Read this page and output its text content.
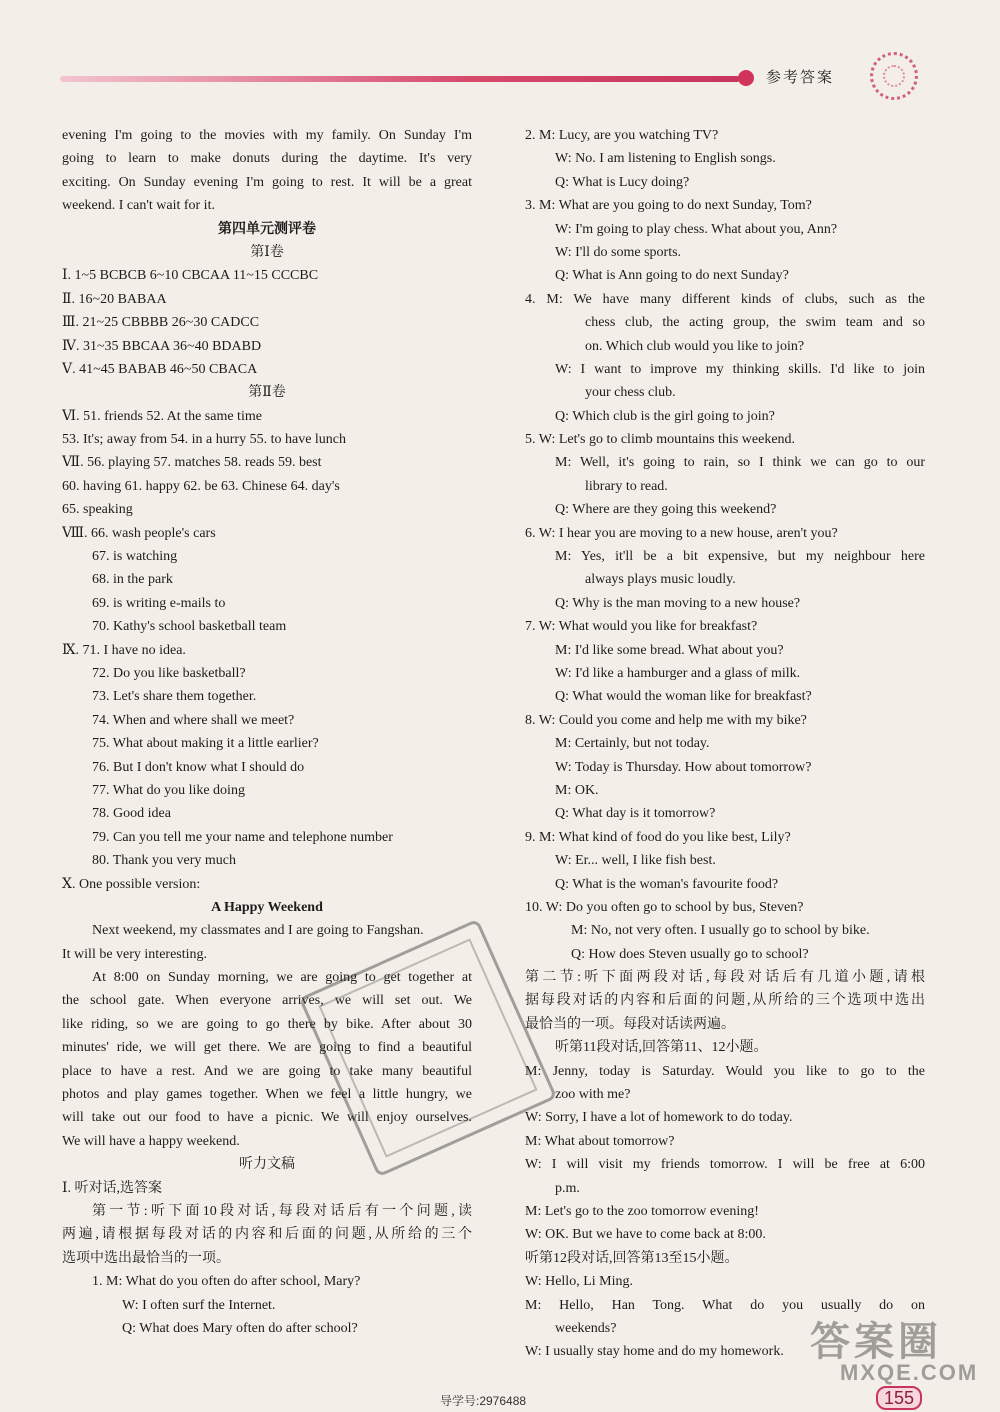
参考答案
evening I'm going to the movies with my family. On Sunday I'm
going to learn to make donuts during the daytime. It's very
exciting. On Sunday evening I'm going to rest. It will be a great
weekend. I can't wait for it.
第四单元测评卷
第Ⅰ卷
Ⅰ. 1~5 BCBCB 6~10 CBCAA 11~15 CCCBC
Ⅱ. 16~20 BABAA
Ⅲ. 21~25 CBBBB 26~30 CADCC
Ⅳ. 31~35 BBCAA 36~40 BDABD
Ⅴ. 41~45 BABAB 46~50 CBACA
第Ⅱ卷
Ⅵ. 51. friends 52. At the same time
53. It's; away from 54. in a hurry 55. to have lunch
Ⅶ. 56. playing 57. matches 58. reads 59. best
60. having 61. happy 62. be 63. Chinese 64. day's
65. speaking
Ⅷ. 66. wash people's cars
67. is watching
68. in the park
69. is writing e-mails to
70. Kathy's school basketball team
Ⅸ. 71. I have no idea.
72. Do you like basketball?
73. Let's share them together.
74. When and where shall we meet?
75. What about making it a little earlier?
76. But I don't know what I should do
77. What do you like doing
78. Good idea
79. Can you tell me your name and telephone number
80. Thank you very much
Ⅹ. One possible version:
A Happy Weekend
Next weekend, my classmates and I are going to Fangshan.
It will be very interesting.
At 8:00 on Sunday morning, we are going to get together at
the school gate. When everyone arrives, we will set out. We
like riding, so we are going to go there by bike. After about 30
minutes' ride, we will get there. We are going to find a beautiful
place to have a rest. And we are going to take many beautiful
photos and play games together. When we feel a little hungry, we
will take out our food to have a picnic. We will enjoy ourselves.
We will have a happy weekend.
听力文稿
Ⅰ. 听对话,选答案
第一节:听下面10段对话,每段对话后有一个问题,读
两遍,请根据每段对话的内容和后面的问题,从所给的三个
选项中选出最恰当的一项。
1. M: What do you often do after school, Mary?
W: I often surf the Internet.
Q: What does Mary often do after school?
2. M: Lucy, are you watching TV?
W: No. I am listening to English songs.
Q: What is Lucy doing?
3. M: What are you going to do next Sunday, Tom?
W: I'm going to play chess. What about you, Ann?
W: I'll do some sports.
Q: What is Ann going to do next Sunday?
4. M: We have many different kinds of clubs, such as the
chess club, the acting group, the swim team and so
on. Which club would you like to join?
W: I want to improve my thinking skills. I'd like to join
your chess club.
Q: Which club is the girl going to join?
5. W: Let's go to climb mountains this weekend.
M: Well, it's going to rain, so I think we can go to our
library to read.
Q: Where are they going this weekend?
6. W: I hear you are moving to a new house, aren't you?
M: Yes, it'll be a bit expensive, but my neighbour here
always plays music loudly.
Q: Why is the man moving to a new house?
7. W: What would you like for breakfast?
M: I'd like some bread. What about you?
W: I'd like a hamburger and a glass of milk.
Q: What would the woman like for breakfast?
8. W: Could you come and help me with my bike?
M: Certainly, but not today.
W: Today is Thursday. How about tomorrow?
M: OK.
Q: What day is it tomorrow?
9. M: What kind of food do you like best, Lily?
W: Er... well, I like fish best.
Q: What is the woman's favourite food?
10. W: Do you often go to school by bus, Steven?
M: No, not very often. I usually go to school by bike.
Q: How does Steven usually go to school?
第二节:听下面两段对话,每段对话后有几道小题,请根
据每段对话的内容和后面的问题,从所给的三个选项中选出
最恰当的一项。每段对话读两遍。
听第11段对话,回答第11、12小题。
M: Jenny, today is Saturday. Would you like to go to the
zoo with me?
W: Sorry, I have a lot of homework to do today.
M: What about tomorrow?
W: I will visit my friends tomorrow. I will be free at 6:00
p.m.
M: Let's go to the zoo tomorrow evening!
W: OK. But we have to come back at 8:00.
听第12段对话,回答第13至15小题。
W: Hello, Li Ming.
M: Hello, Han Tong. What do you usually do on
weekends?
W: I usually stay home and do my homework.
导学号:2976488	155
答案圈
MXQE.COM
